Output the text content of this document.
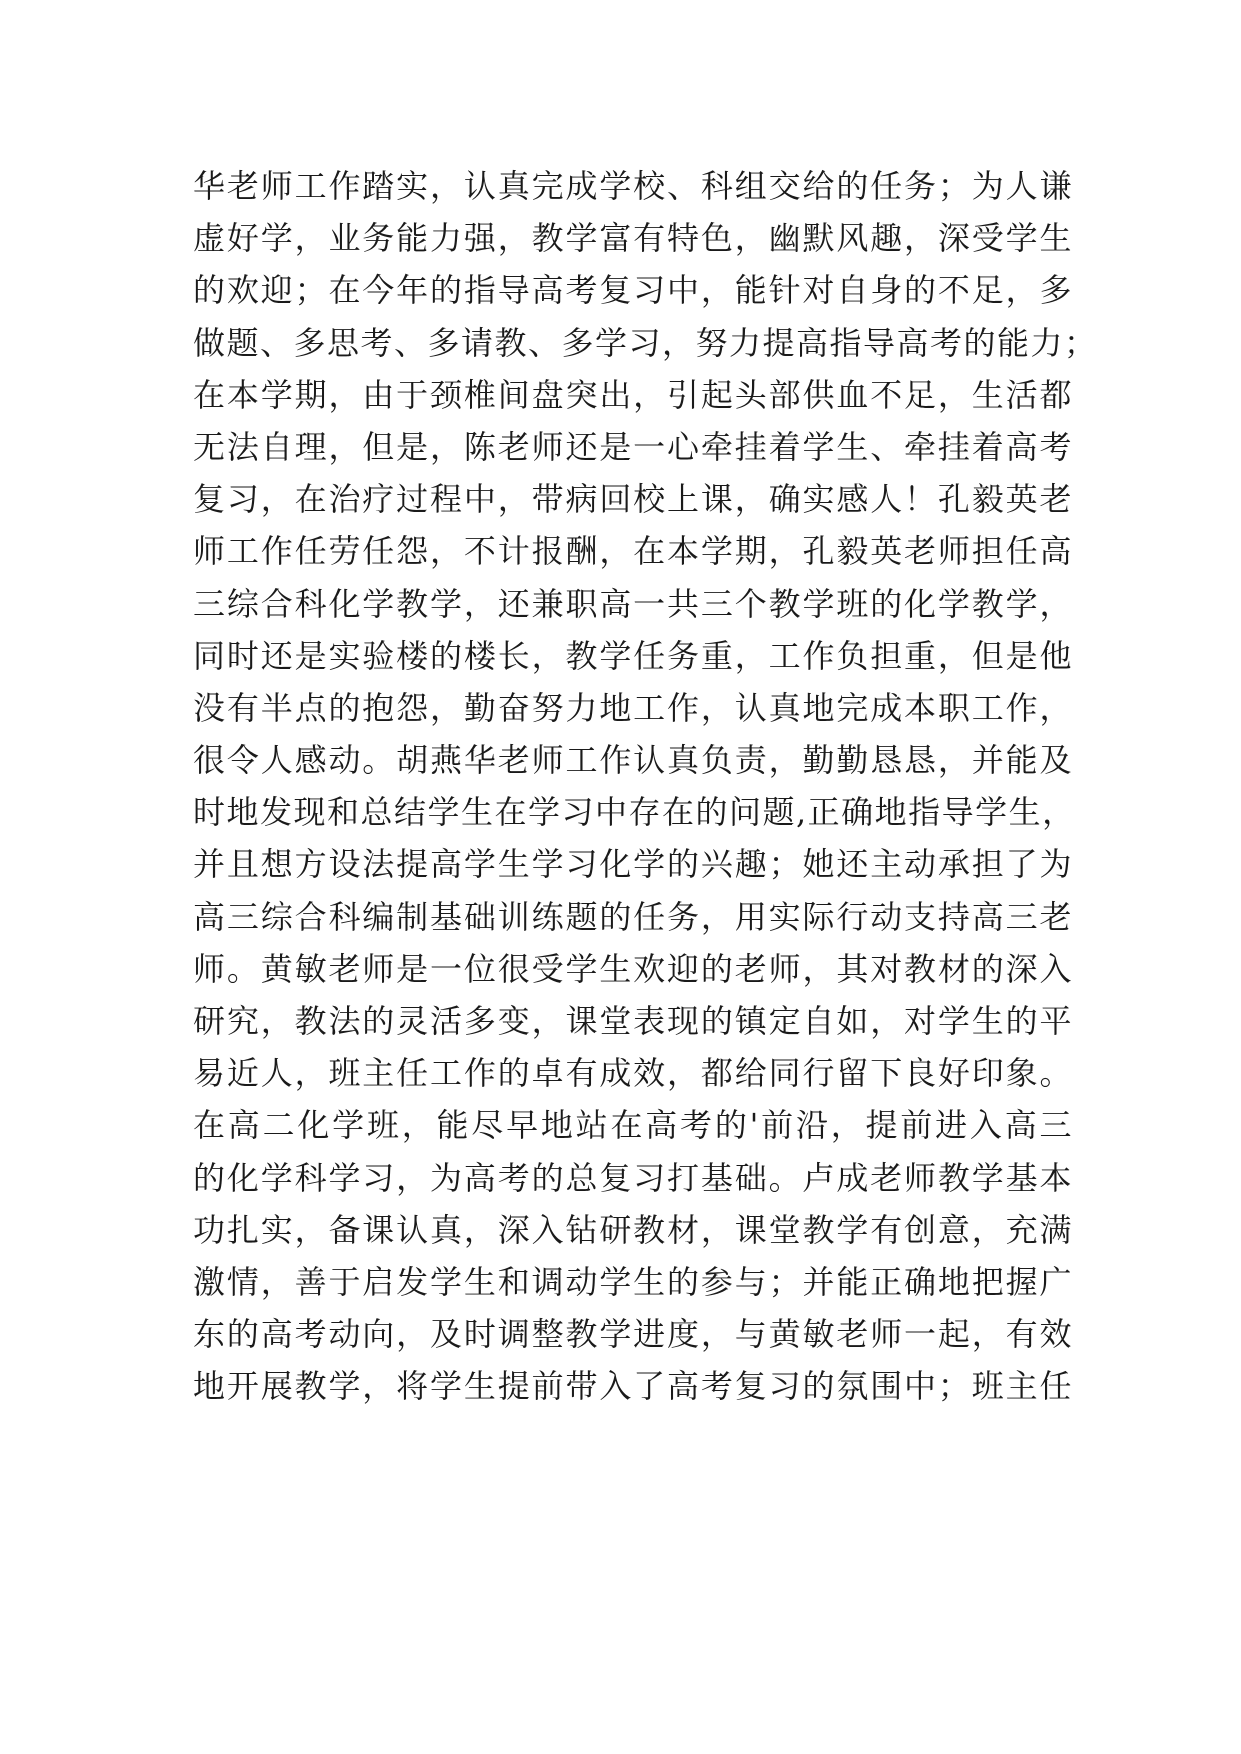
华老师工作踏实，认真完成学校、科组交给的任务；为人谦
虚好学，业务能力强，教学富有特色，幽默风趣，深受学生
的欢迎；在今年的指导高考复习中，能针对自身的不足，多
做题、多思考、多请教、多学习，努力提高指导高考的能力；
在本学期，由于颈椎间盘突出，引起头部供血不足，生活都
无法自理，但是，陈老师还是一心牵挂着学生、牵挂着高考
复习，在治疗过程中，带病回校上课，确实感人！孔毅英老
师工作任劳任怨，不计报酬，在本学期，孔毅英老师担任高
三综合科化学教学，还兼职高一共三个教学班的化学教学，
同时还是实验楼的楼长，教学任务重，工作负担重，但是他
没有半点的抱怨，勤奋努力地工作，认真地完成本职工作，
很令人感动。胡燕华老师工作认真负责，勤勤恳恳，并能及
时地发现和总结学生在学习中存在的问题,正确地指导学生，
并且想方设法提高学生学习化学的兴趣；她还主动承担了为
高三综合科编制基础训练题的任务，用实际行动支持高三老
师。黄敏老师是一位很受学生欢迎的老师，其对教材的深入
研究，教法的灵活多变，课堂表现的镇定自如，对学生的平
易近人，班主任工作的卓有成效，都给同行留下良好印象。
在高二化学班，能尽早地站在高考的'前沿，提前进入高三
的化学科学习，为高考的总复习打基础。卢成老师教学基本
功扎实，备课认真，深入钻研教材，课堂教学有创意，充满
激情，善于启发学生和调动学生的参与；并能正确地把握广
东的高考动向，及时调整教学进度，与黄敏老师一起，有效
地开展教学，将学生提前带入了高考复习的氛围中；班主任
